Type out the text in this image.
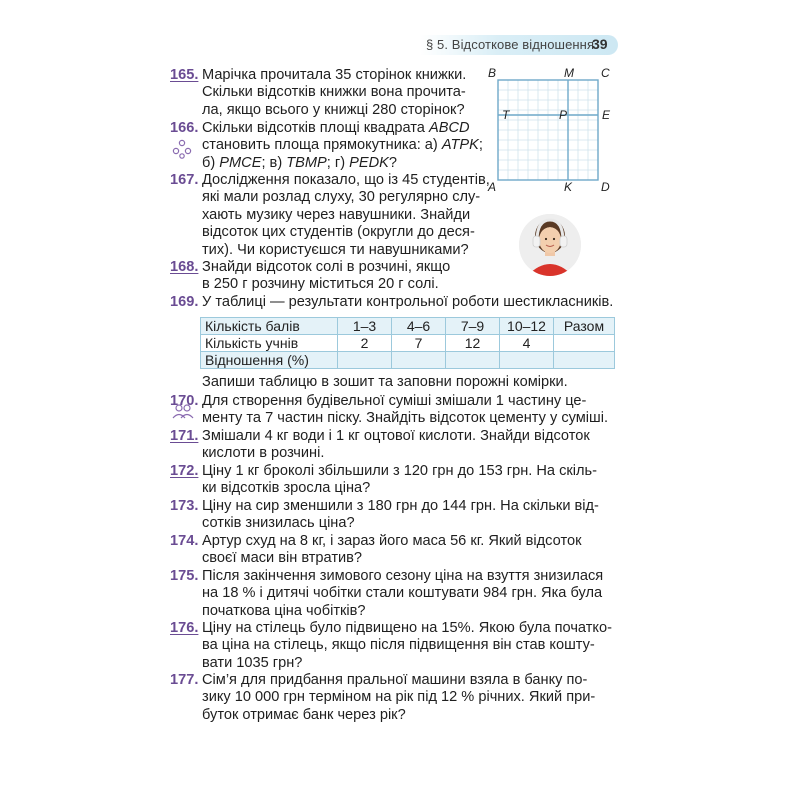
§ 5. Відсоткове відношення
39
165. Марічка прочитала 35 сторінок книжки.
Скільки відсотків книжки вона прочита-
ла, якщо всього у книжці 280 сторінок?
166. Скільки відсотків площі квадрата ABCD
становить площа прямокутника: а) ATPK;
б) PMCE; в) TBMP; г) PEDK?
167. Дослідження показало, що із 45 студентів,
які мали розлад слуху, 30 регулярно слу-
хають музику через навушники. Знайди
відсоток цих студентів (округли до деся-
тих). Чи користуєшся ти навушниками?
168. Знайди відсоток солі в розчині, якщо
в 250 г розчину міститься 20 г солі.
169. У таблиці — результати контрольної роботи шестикласників.
Кількість балів	1–3	4–6	7–9	10–12	Разом
Кількість учнів	2	7	12	4	
Відношення (%)					
Запиши таблицю в зошит та заповни порожні комірки.
170. Для створення будівельної суміші змішали 1 частину це-
менту та 7 частин піску. Знайдіть відсоток цементу у суміші.
171. Змішали 4 кг води і 1 кг оцтової кислоти. Знайди відсоток
кислоти в розчині.
172. Ціну 1 кг броколі збільшили з 120 грн до 153 грн. На скіль-
ки відсотків зросла ціна?
173. Ціну на сир зменшили з 180 грн до 144 грн. На скільки від-
сотків знизилась ціна?
174. Артур схуд на 8 кг, і зараз його маса 56 кг. Який відсоток
своєї маси він втратив?
175. Після закінчення зимового сезону ціна на взуття знизилася
на 18 % і дитячі чобітки стали коштувати 984 грн. Яка була
початкова ціна чобітків?
176. Ціну на стілець було підвищено на 15%. Якою була початко-
ва ціна на стілець, якщо після підвищення він став кошту-
вати 1035 грн?
177. Сім’я для придбання пральної машини взяла в банку по-
зику 10 000 грн терміном на рік під 12 % річних. Який при-
буток отримає банк через рік?
B	M C
T	P	E
A	K D
